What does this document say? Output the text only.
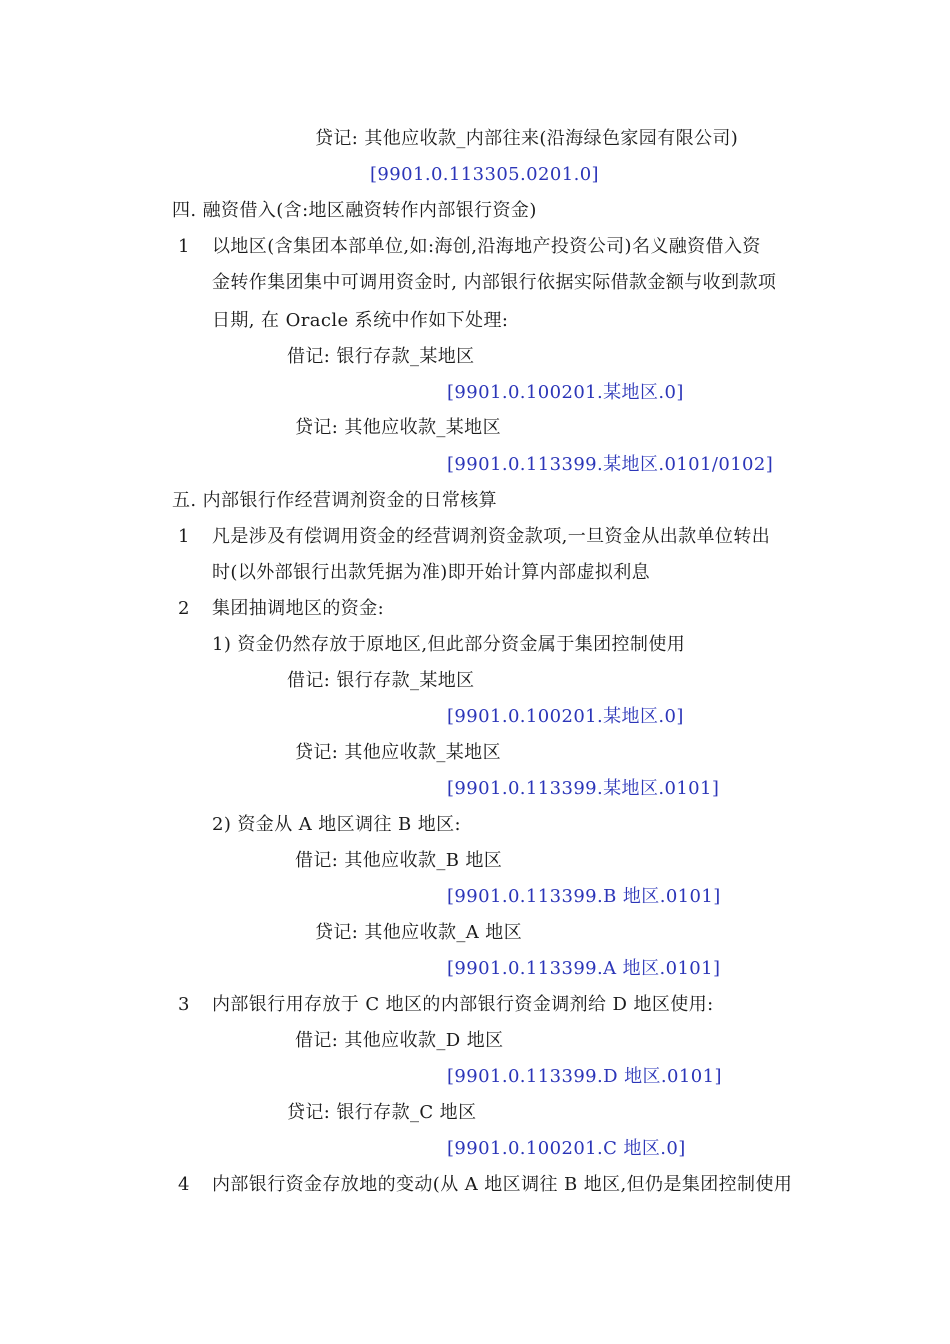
贷记: 其他应收款_内部往来(沿海绿色家园有限公司)
[9901.0.113305.0201.0]
四. 融资借入(含:地区融资转作内部银行资金)
1 以地区(含集团本部单位,如:海创,沿海地产投资公司)名义融资借入资
金转作集团集中可调用资金时, 内部银行依据实际借款金额与收到款项
日期, 在 Oracle 系统中作如下处理:
借记: 银行存款_某地区
[9901.0.100201.某地区.0]
贷记: 其他应收款_某地区
[9901.0.113399.某地区.0101/0102]
五. 内部银行作经营调剂资金的日常核算
1 凡是涉及有偿调用资金的经营调剂资金款项,一旦资金从出款单位转出
时(以外部银行出款凭据为准)即开始计算内部虚拟利息
2 集团抽调地区的资金:
1) 资金仍然存放于原地区,但此部分资金属于集团控制使用
借记: 银行存款_某地区
[9901.0.100201.某地区.0]
贷记: 其他应收款_某地区
[9901.0.113399.某地区.0101]
2) 资金从 A 地区调往 B 地区:
借记: 其他应收款_B 地区
[9901.0.113399.B 地区.0101]
贷记: 其他应收款_A 地区
[9901.0.113399.A 地区.0101]
3 内部银行用存放于 C 地区的内部银行资金调剂给 D 地区使用:
借记: 其他应收款_D 地区
[9901.0.113399.D 地区.0101]
贷记: 银行存款_C 地区
[9901.0.100201.C 地区.0]
4 内部银行资金存放地的变动(从 A 地区调往 B 地区,但仍是集团控制使用
